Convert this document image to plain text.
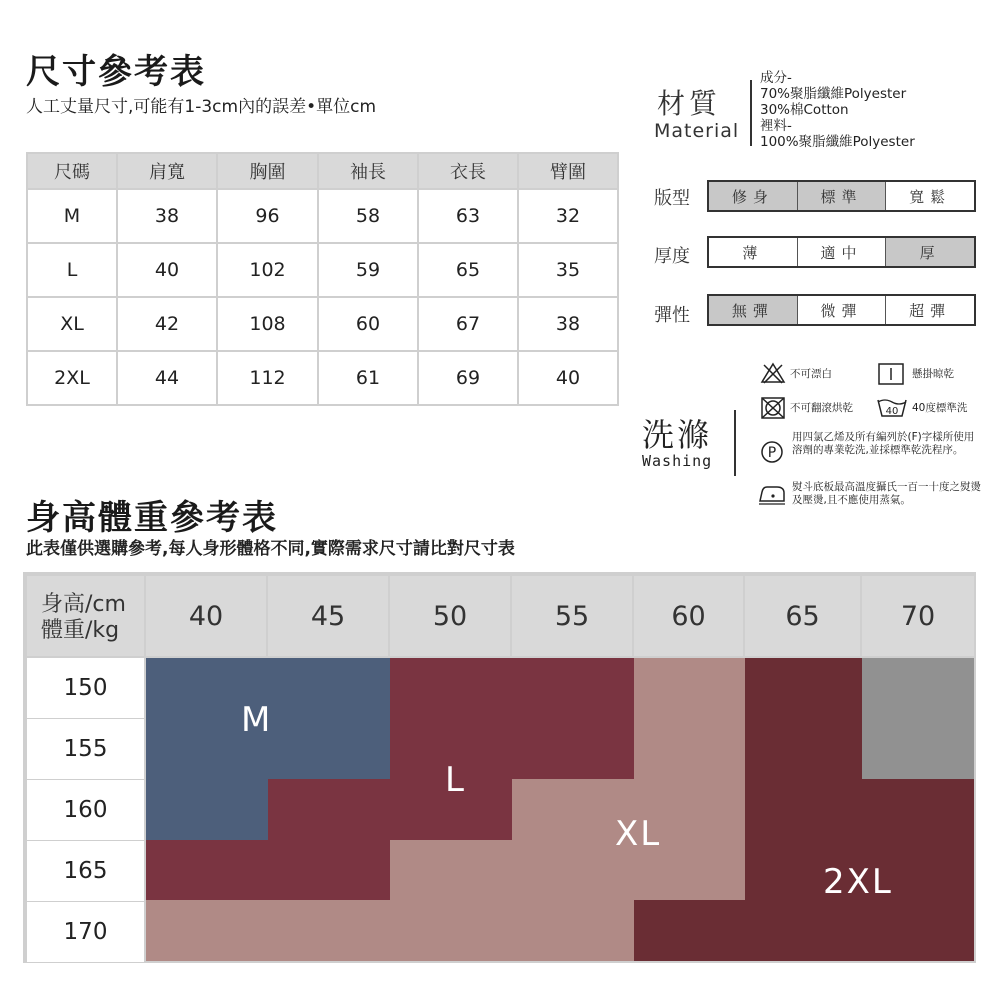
尺寸參考表
人工丈量尺寸,可能有1-3cm內的誤差•單位cm
尺碼	肩寬	胸圍	袖長	衣長	臂圍
M	38	96	58	63	32
L	40	102	59	65	35
XL	42	108	60	67	38
2XL	44	112	61	69	40
材質
Material
成分-
70%聚脂纖維Polyester
30%棉Cotton
裡料-
100%聚脂纖維Polyester
版型	修身	標準	寬鬆
厚度	薄	適中	厚
彈性	無彈	微彈	超彈
洗滌
Washing
不可漂白	懸掛晾乾
不可翻滾烘乾	40 40度標準洗
P
用四氯乙烯及所有編列於(F)字樣所使用溶劑的專業乾洗,並採標準乾洗程序。
熨斗底板最高溫度攝氏一百一十度之熨燙及壓燙,且不應使用蒸氣。
身高體重參考表
此表僅供選購參考,每人身形體格不同,實際需求尺寸請比對尺寸表
身高/cm
體重/kg	40	45	50	55	60	65	70
150
155
160
165
170
M
L
XL
2XL
